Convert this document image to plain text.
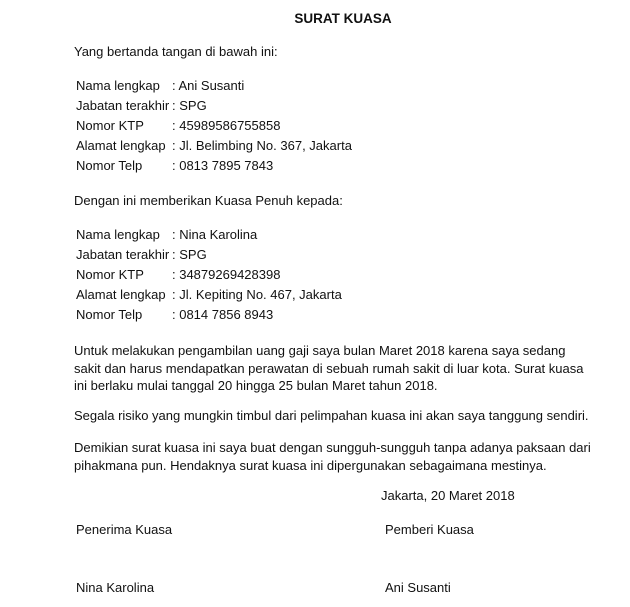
SURAT KUASA
Yang bertanda tangan di bawah ini:
Nama lengkap : Ani Susanti
Jabatan terakhir : SPG
Nomor KTP : 45989586755858
Alamat lengkap : Jl. Belimbing No. 367, Jakarta
Nomor Telp : 0813 7895 7843
Dengan ini memberikan Kuasa Penuh kepada:
Nama lengkap : Nina Karolina
Jabatan terakhir : SPG
Nomor KTP : 34879269428398
Alamat lengkap : Jl. Kepiting No. 467, Jakarta
Nomor Telp : 0814 7856 8943
Untuk melakukan pengambilan uang gaji saya bulan Maret 2018 karena saya sedang
sakit dan harus mendapatkan perawatan di sebuah rumah sakit di luar kota. Surat kuasa
ini berlaku mulai tanggal 20 hingga 25 bulan Maret tahun 2018.
Segala risiko yang mungkin timbul dari pelimpahan kuasa ini akan saya tanggung sendiri.
Demikian surat kuasa ini saya buat dengan sungguh-sungguh tanpa adanya paksaan dari
pihakmana pun. Hendaknya surat kuasa ini dipergunakan sebagaimana mestinya.
Jakarta, 20 Maret 2018
Penerima Kuasa	Pemberi Kuasa
Nina Karolina	Ani Susanti
